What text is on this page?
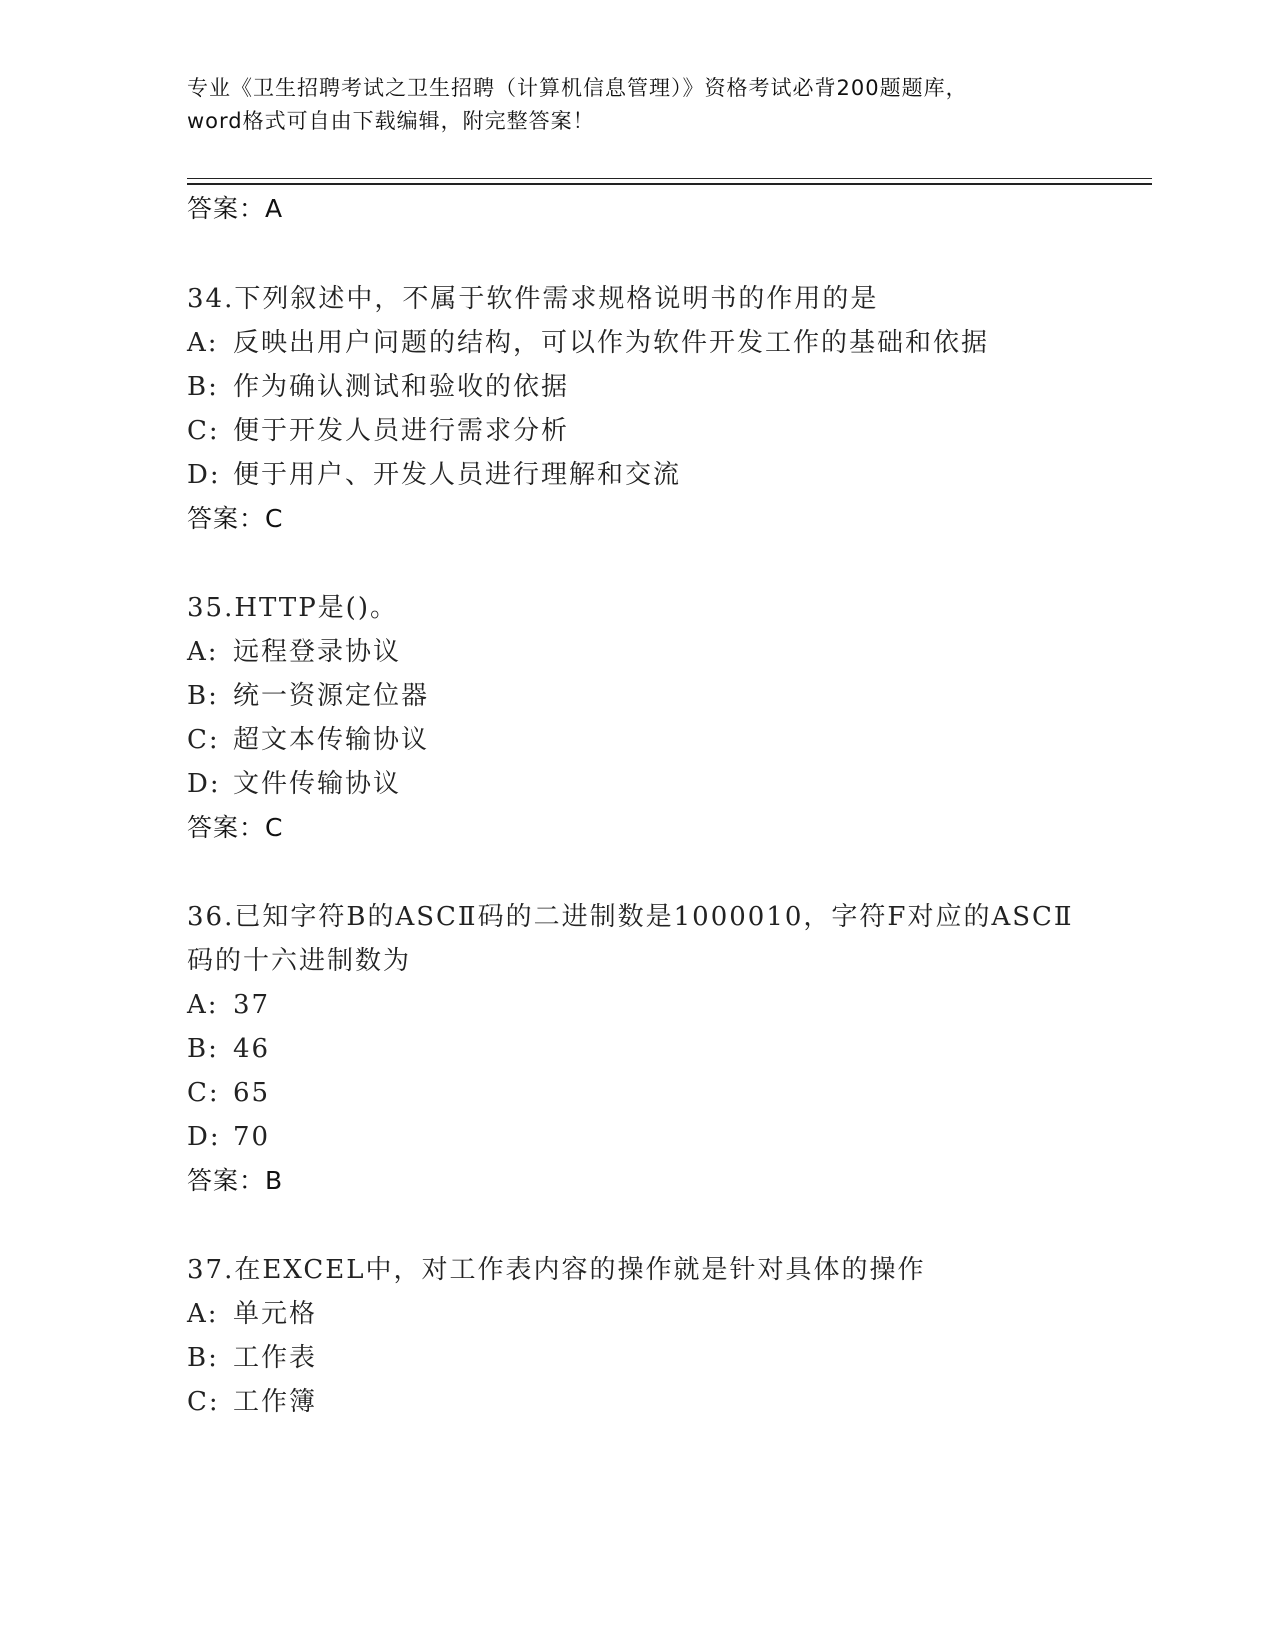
专业《卫生招聘考试之卫生招聘（计算机信息管理）》资格考试必背200题题库，
word格式可自由下载编辑，附完整答案！
答案：A
34.下列叙述中，不属于软件需求规格说明书的作用的是
A: 反映出用户问题的结构，可以作为软件开发工作的基础和依据
B: 作为确认测试和验收的依据
C: 便于开发人员进行需求分析
D: 便于用户、开发人员进行理解和交流
答案：C
35.HTTP是()。
A: 远程登录协议
B: 统一资源定位器
C: 超文本传输协议
D: 文件传输协议
答案：C
36.已知字符B的ASCⅡ码的二进制数是1000010，字符F对应的ASCⅡ
码的十六进制数为
A: 37
B: 46
C: 65
D: 70
答案：B
37.在EXCEL中，对工作表内容的操作就是针对具体的操作
A: 单元格
B: 工作表
C: 工作簿
